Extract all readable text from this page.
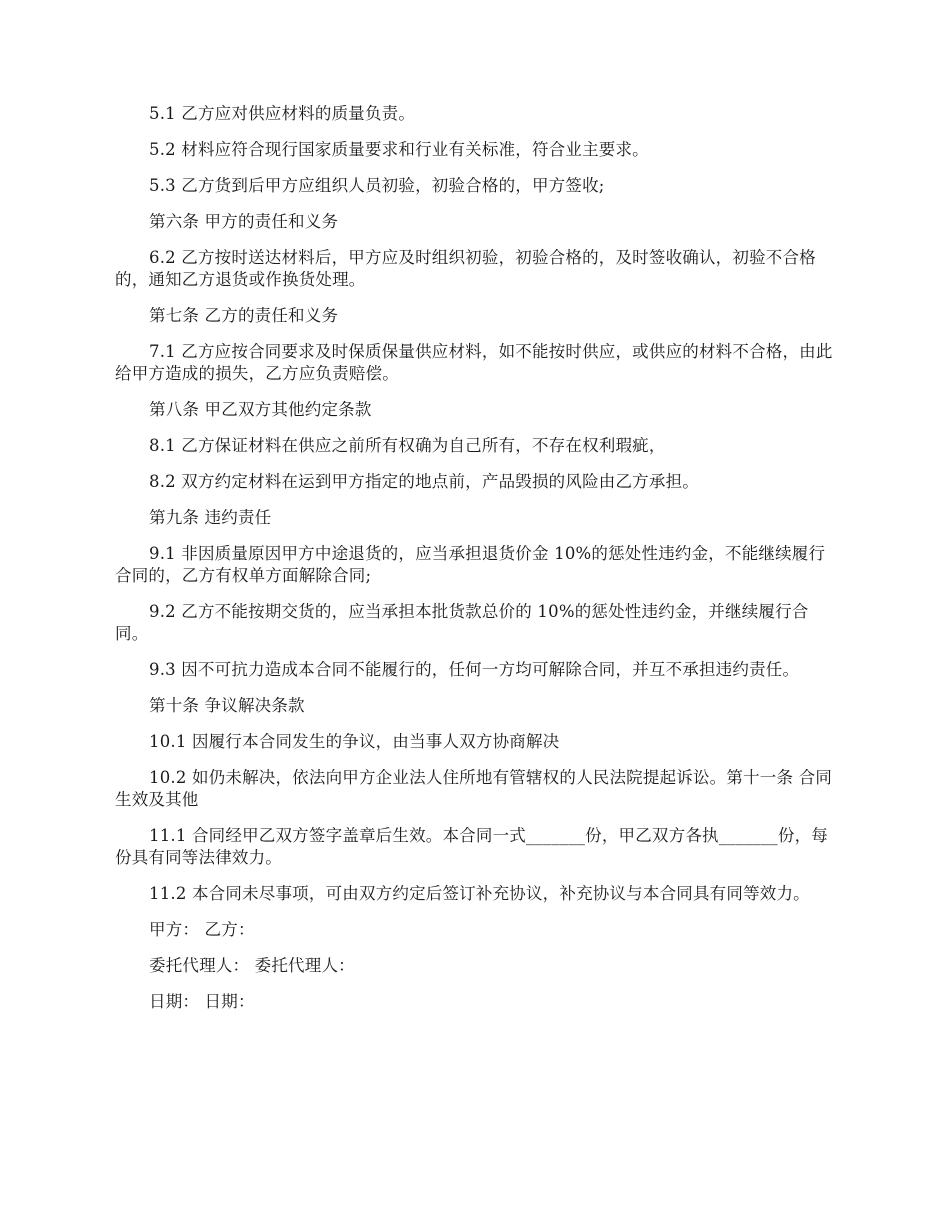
5.1 乙方应对供应材料的质量负责。

5.2 材料应符合现行国家质量要求和行业有关标准，符合业主要求。

5.3 乙方货到后甲方应组织人员初验，初验合格的，甲方签收;

第六条 甲方的责任和义务

6.2 乙方按时送达材料后，甲方应及时组织初验，初验合格的，及时签收确认，初验不合格的，通知乙方退货或作换货处理。

第七条 乙方的责任和义务

7.1 乙方应按合同要求及时保质保量供应材料，如不能按时供应，或供应的材料不合格，由此给甲方造成的损失，乙方应负责赔偿。

第八条 甲乙双方其他约定条款

8.1 乙方保证材料在供应之前所有权确为自己所有，不存在权利瑕疵，

8.2 双方约定材料在运到甲方指定的地点前，产品毁损的风险由乙方承担。

第九条 违约责任

9.1 非因质量原因甲方中途退货的，应当承担退货价金 10%的惩处性违约金，不能继续履行合同的，乙方有权单方面解除合同;

9.2 乙方不能按期交货的，应当承担本批货款总价的 10%的惩处性违约金，并继续履行合同。

9.3 因不可抗力造成本合同不能履行的，任何一方均可解除合同，并互不承担违约责任。

第十条 争议解决条款

10.1 因履行本合同发生的争议，由当事人双方协商解决

10.2 如仍未解决，依法向甲方企业法人住所地有管辖权的人民法院提起诉讼。第十一条 合同生效及其他

11.1 合同经甲乙双方签字盖章后生效。本合同一式_______份，甲乙双方各执_______份，每份具有同等法律效力。

11.2 本合同未尽事项，可由双方约定后签订补充协议，补充协议与本合同具有同等效力。

甲方： 乙方：

委托代理人： 委托代理人：

日期： 日期：
